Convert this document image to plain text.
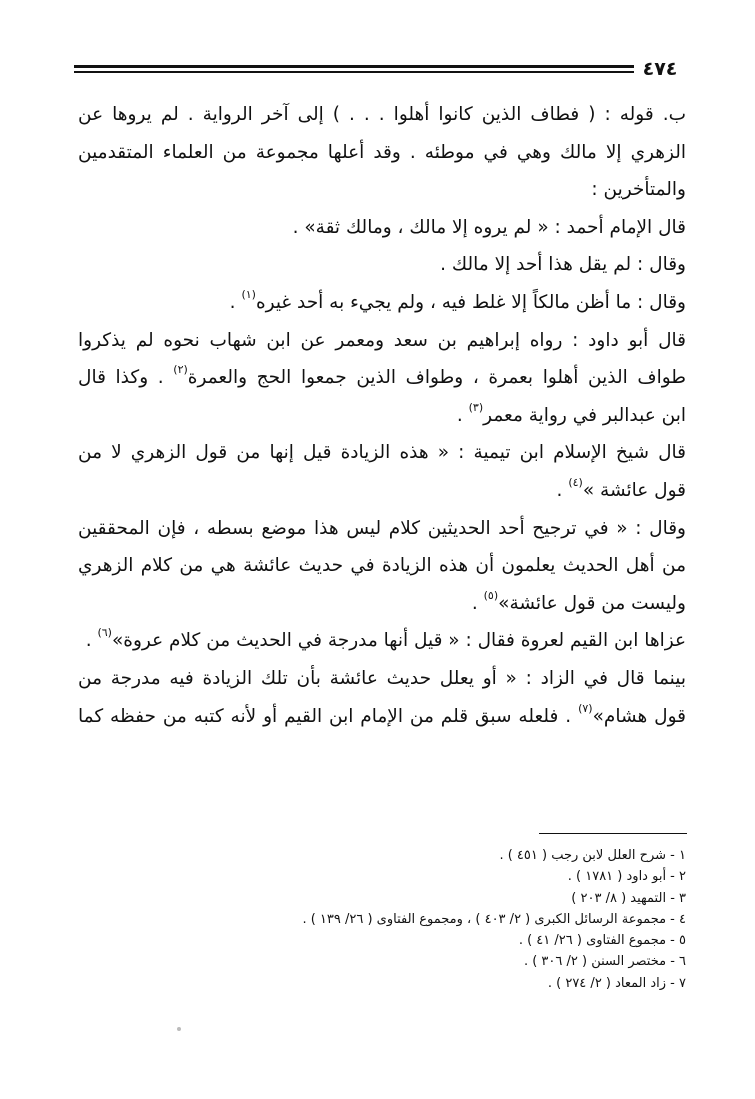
٤٧٤
ب. قوله : ( فطاف الذين كانوا أهلوا . . . ) إلى آخر الرواية . لم يروها عن
الزهري إلا مالك وهي في موطئه . وقد أعلها مجموعة من العلماء المتقدمين
والمتأخرين :
قال الإمام أحمد : « لم يروه إلا مالك ، ومالك ثقة» .
وقال : لم يقل هذا أحد إلا مالك .
وقال : ما أظن مالكاً إلا غلط فيه ، ولم يجيء به أحد غيره$^{(١)}$ .
قال أبو داود : رواه إبراهيم بن سعد ومعمر عن ابن شهاب نحوه لم يذكروا
طواف الذين أهلوا بعمرة ، وطواف الذين جمعوا الحج والعمرة$^{(٢)}$ . وكذا قال
ابن عبدالبر في رواية معمر$^{(٣)}$ .
قال شيخ الإسلام ابن تيمية : « هذه الزيادة قيل إنها من قول الزهري لا من
قول عائشة »$^{(٤)}$ .
وقال : « في ترجيح أحد الحديثين كلام ليس هذا موضع بسطه ، فإن المحققين
من أهل الحديث يعلمون أن هذه الزيادة في حديث عائشة هي من كلام الزهري
وليست من قول عائشة»$^{(٥)}$ .
عزاها ابن القيم لعروة فقال : « قيل أنها مدرجة في الحديث من كلام عروة»$^{(٦)}$ .
بينما قال في الزاد : « أو يعلل حديث عائشة بأن تلك الزيادة فيه مدرجة من
قول هشام»$^{(٧)}$ . فلعله سبق قلم من الإمام ابن القيم أو لأنه كتبه من حفظه كما
١ - شرح العلل لابن رجب ( ٤٥١ ) .
٢ - أبو داود ( ١٧٨١ ) .
٣ - التمهيد ( ٨/ ٢٠٣ )
٤ - مجموعة الرسائل الكبرى ( ٢/ ٤٠٣ ) ، ومجموع الفتاوى ( ٢٦/ ١٣٩ ) .
٥ - مجموع الفتاوى ( ٢٦/ ٤١ ) .
٦ - مختصر السنن ( ٢/ ٣٠٦ ) .
٧ - زاد المعاد ( ٢/ ٢٧٤ ) .
